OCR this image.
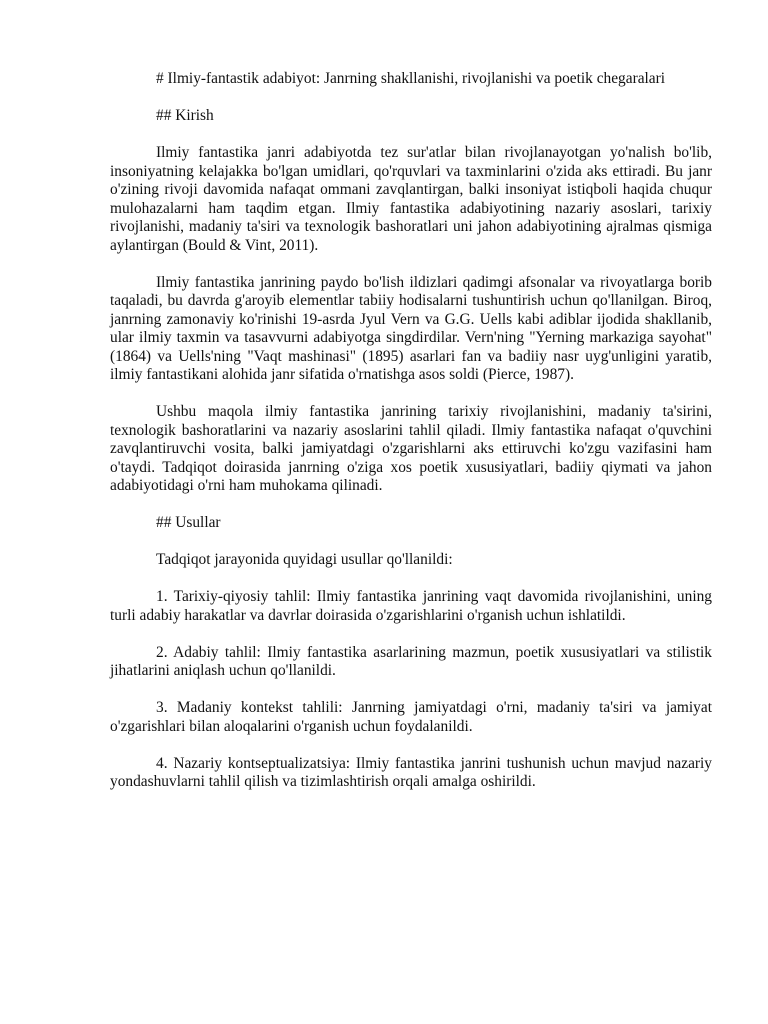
# Ilmiy-fantastik adabiyot: Janrning shakllanishi, rivojlanishi va poetik chegaralari

## Kirish

Ilmiy fantastika janri adabiyotda tez sur'atlar bilan rivojlanayotgan yo'nalish bo'lib, insoniyatning kelajakka bo'lgan umidlari, qo'rquvlari va taxminlarini o'zida aks ettiradi. Bu janr o'zining rivoji davomida nafaqat ommani zavqlantirgan, balki insoniyat istiqboli haqida chuqur mulohazalarni ham taqdim etgan. Ilmiy fantastika adabiyotining nazariy asoslari, tarixiy rivojlanishi, madaniy ta'siri va texnologik bashoratlari uni jahon adabiyotining ajralmas qismiga aylantirgan (Bould & Vint, 2011).

Ilmiy fantastika janrining paydo bo'lish ildizlari qadimgi afsonalar va rivoyatlarga borib taqaladi, bu davrda g'aroyib elementlar tabiiy hodisalarni tushuntirish uchun qo'llanilgan. Biroq, janrning zamonaviy ko'rinishi 19-asrda Jyul Vern va G.G. Uells kabi adiblar ijodida shakllanib, ular ilmiy taxmin va tasavvurni adabiyotga singdirdilar. Vern'ning "Yerning markaziga sayohat" (1864) va Uells'ning "Vaqt mashinasi" (1895) asarlari fan va badiiy nasr uyg'unligini yaratib, ilmiy fantastikani alohida janr sifatida o'rnatishga asos soldi (Pierce, 1987).

Ushbu maqola ilmiy fantastika janrining tarixiy rivojlanishini, madaniy ta'sirini, texnologik bashoratlarini va nazariy asoslarini tahlil qiladi. Ilmiy fantastika nafaqat o'quvchini zavqlantiruvchi vosita, balki jamiyatdagi o'zgarishlarni aks ettiruvchi ko'zgu vazifasini ham o'taydi. Tadqiqot doirasida janrning o'ziga xos poetik xususiyatlari, badiiy qiymati va jahon adabiyotidagi o'rni ham muhokama qilinadi.

## Usullar

Tadqiqot jarayonida quyidagi usullar qo'llanildi:

1. Tarixiy-qiyosiy tahlil: Ilmiy fantastika janrining vaqt davomida rivojlanishini, uning turli adabiy harakatlar va davrlar doirasida o'zgarishlarini o'rganish uchun ishlatildi.

2. Adabiy tahlil: Ilmiy fantastika asarlarining mazmun, poetik xususiyatlari va stilistik jihatlarini aniqlash uchun qo'llanildi.

3. Madaniy kontekst tahlili: Janrning jamiyatdagi o'rni, madaniy ta'siri va jamiyat o'zgarishlari bilan aloqalarini o'rganish uchun foydalanildi.

4. Nazariy kontseptualizatsiya: Ilmiy fantastika janrini tushunish uchun mavjud nazariy yondashuvlarni tahlil qilish va tizimlashtirish orqali amalga oshirildi.
